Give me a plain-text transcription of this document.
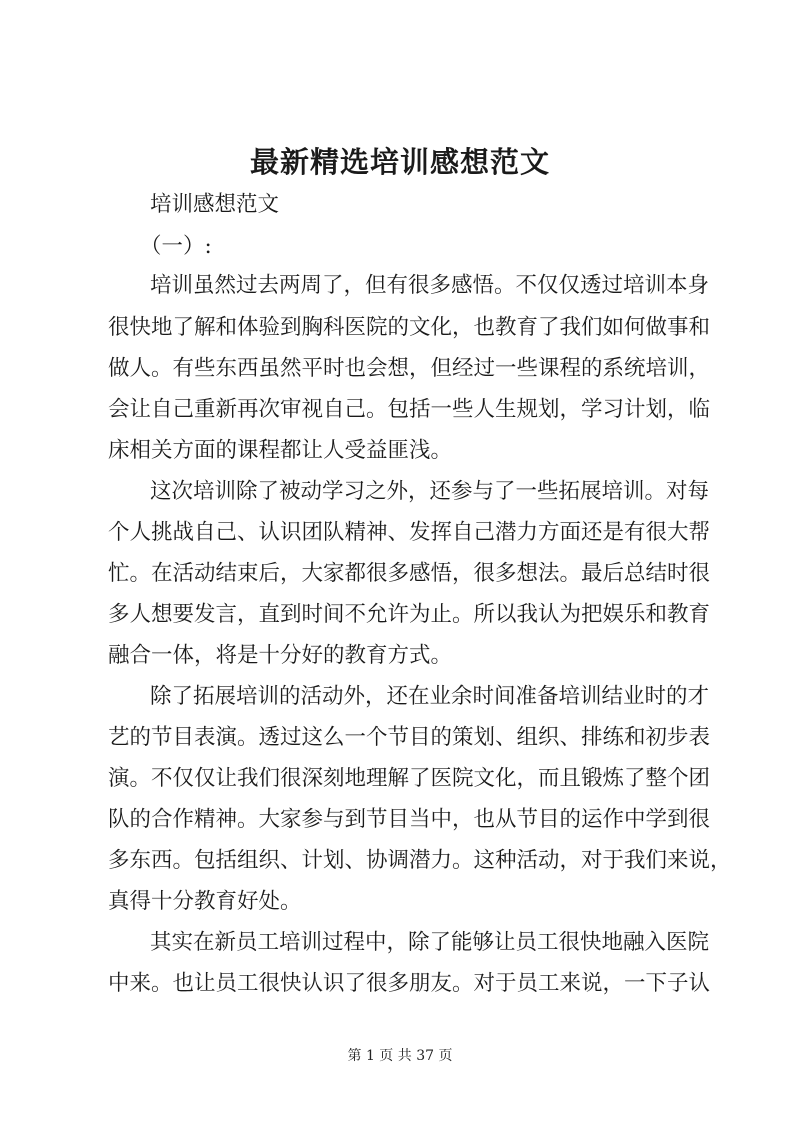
最新精选培训感想范文

培训感想范文

（一）:

培训虽然过去两周了，但有很多感悟。不仅仅透过培训本身

很快地了解和体验到胸科医院的文化，也教育了我们如何做事和

做人。有些东西虽然平时也会想，但经过一些课程的系统培训，

会让自己重新再次审视自己。包括一些人生规划，学习计划，临

床相关方面的课程都让人受益匪浅。

这次培训除了被动学习之外，还参与了一些拓展培训。对每

个人挑战自己、认识团队精神、发挥自己潜力方面还是有很大帮

忙。在活动结束后，大家都很多感悟，很多想法。最后总结时很

多人想要发言，直到时间不允许为止。所以我认为把娱乐和教育

融合一体，将是十分好的教育方式。

除了拓展培训的活动外，还在业余时间准备培训结业时的才

艺的节目表演。透过这么一个节目的策划、组织、排练和初步表

演。不仅仅让我们很深刻地理解了医院文化，而且锻炼了整个团

队的合作精神。大家参与到节目当中，也从节目的运作中学到很

多东西。包括组织、计划、协调潜力。这种活动，对于我们来说，

真得十分教育好处。

其实在新员工培训过程中，除了能够让员工很快地融入医院

中来。也让员工很快认识了很多朋友。对于员工来说，一下子认

第 1 页 共 37 页
